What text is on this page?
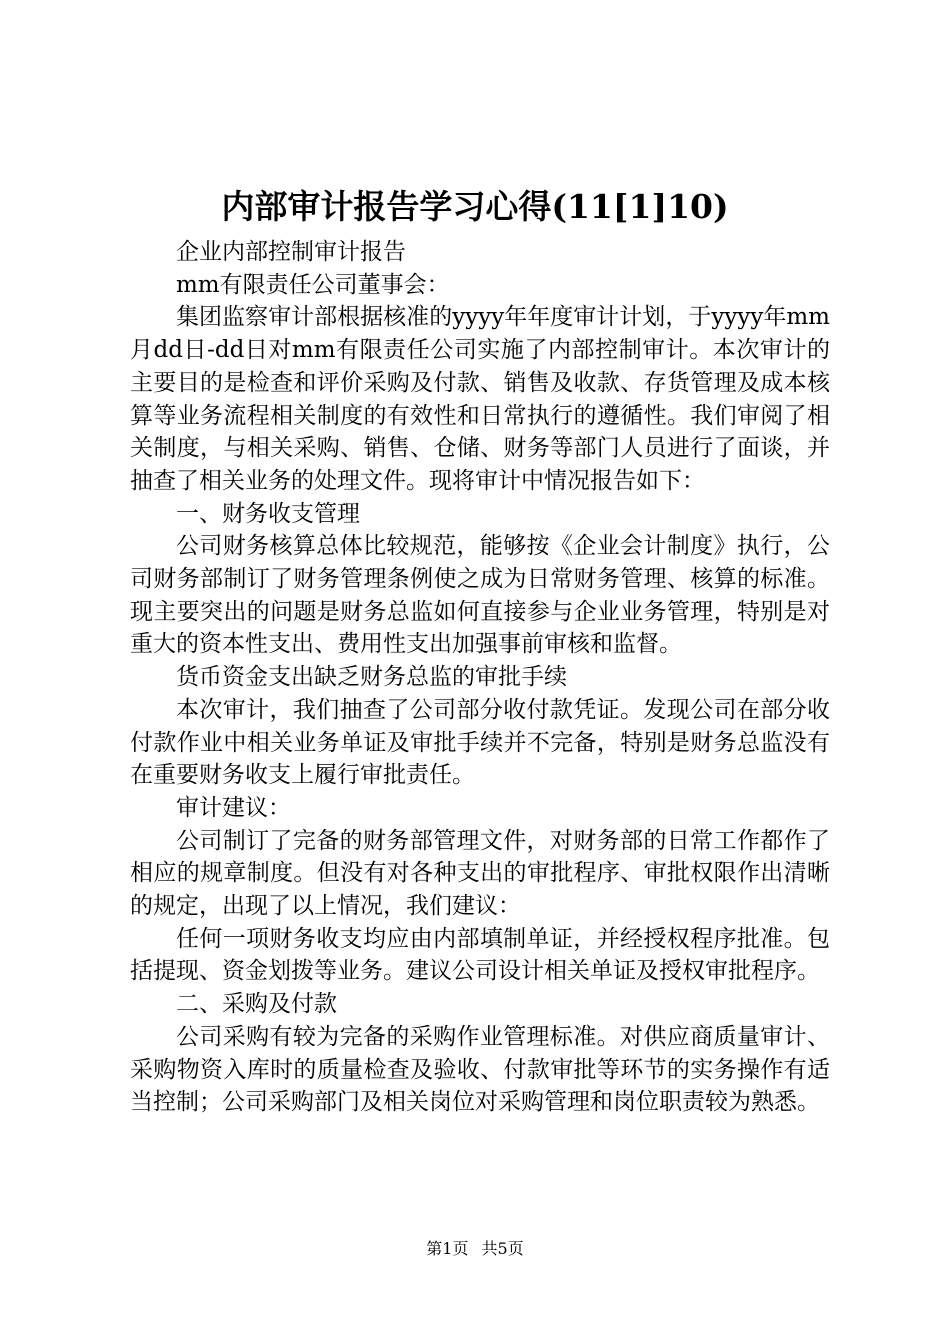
内部审计报告学习心得(11[1]10)

企业内部控制审计报告

mm有限责任公司董事会：

集团监察审计部根据核准的yyyy年年度审计计划，于yyyy年mm月dd日-dd日对mm有限责任公司实施了内部控制审计。本次审计的主要目的是检查和评价采购及付款、销售及收款、存货管理及成本核算等业务流程相关制度的有效性和日常执行的遵循性。我们审阅了相关制度，与相关采购、销售、仓储、财务等部门人员进行了面谈，并抽查了相关业务的处理文件。现将审计中情况报告如下：

一、财务收支管理

公司财务核算总体比较规范，能够按《企业会计制度》执行，公司财务部制订了财务管理条例使之成为日常财务管理、核算的标准。现主要突出的问题是财务总监如何直接参与企业业务管理，特别是对重大的资本性支出、费用性支出加强事前审核和监督。

货币资金支出缺乏财务总监的审批手续

本次审计，我们抽查了公司部分收付款凭证。发现公司在部分收付款作业中相关业务单证及审批手续并不完备，特别是财务总监没有在重要财务收支上履行审批责任。

审计建议：

公司制订了完备的财务部管理文件，对财务部的日常工作都作了相应的规章制度。但没有对各种支出的审批程序、审批权限作出清晰的规定，出现了以上情况，我们建议：

任何一项财务收支均应由内部填制单证，并经授权程序批准。包括提现、资金划拨等业务。建议公司设计相关单证及授权审批程序。

二、采购及付款

公司采购有较为完备的采购作业管理标准。对供应商质量审计、采购物资入库时的质量检查及验收、付款审批等环节的实务操作有适当控制；公司采购部门及相关岗位对采购管理和岗位职责较为熟悉。

第1页 共5页
